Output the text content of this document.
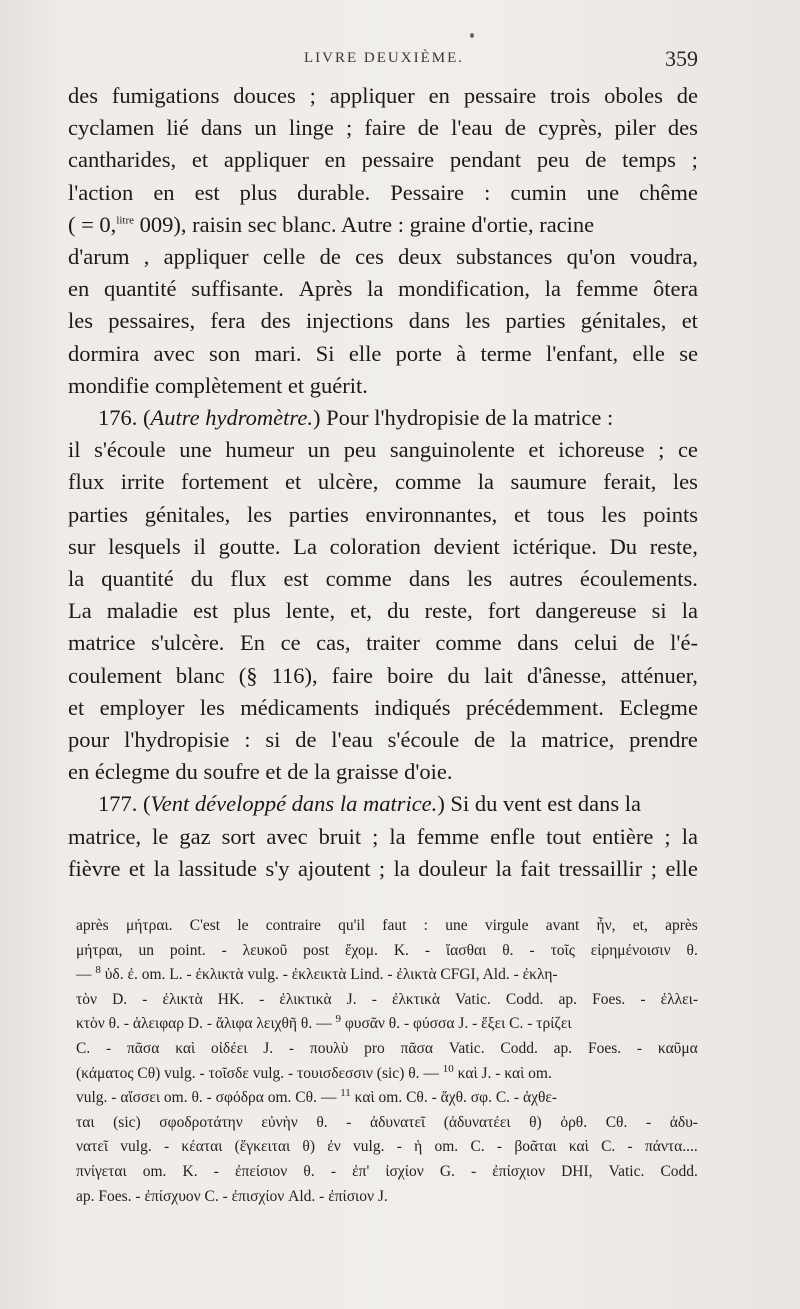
LIVRE DEUXIÈME.	359
des fumigations douces ; appliquer en pessaire trois oboles de
cyclamen lié dans un linge ; faire de l'eau de cyprès, piler des
cantharides, et appliquer en pessaire pendant peu de temps ;
l'action en est plus durable. Pessaire : cumin une chême
( = 0,$^{litre}$ 009), raisin sec blanc. Autre : graine d'ortie, racine
d'arum , appliquer celle de ces deux substances qu'on voudra,
en quantité suffisante. Après la mondification, la femme ôtera
les pessaires, fera des injections dans les parties génitales, et
dormira avec son mari. Si elle porte à terme l'enfant, elle se
mondifie complètement et guérit.
176. (Autre hydromètre.) Pour l'hydropisie de la matrice :
il s'écoule une humeur un peu sanguinolente et ichoreuse ; ce
flux irrite fortement et ulcère, comme la saumure ferait, les
parties génitales, les parties environnantes, et tous les points
sur lesquels il goutte. La coloration devient ictérique. Du reste,
la quantité du flux est comme dans les autres écoulements.
La maladie est plus lente, et, du reste, fort dangereuse si la
matrice s'ulcère. En ce cas, traiter comme dans celui de l'é-
coulement blanc (§ 116), faire boire du lait d'ânesse, atténuer,
et employer les médicaments indiqués précédemment. Eclegme
pour l'hydropisie : si de l'eau s'écoule de la matrice, prendre
en éclegme du soufre et de la graisse d'oie.
177. (Vent développé dans la matrice.) Si du vent est dans la
matrice, le gaz sort avec bruit ; la femme enfle tout entière ; la
fièvre et la lassitude s'y ajoutent ; la douleur la fait tressaillir ; elle
après μήτραι. C'est le contraire qu'il faut : une virgule avant ἦν, et, après
μήτραι, un point. - λευκοῦ post ἔχομ. K. - ἴασθαι θ. - τοῖς εἰρημένοισιν θ.
— $^8$ ὑδ. ἐ. om. L. - ἐκλικτὰ vulg. - ἐκλεικτὰ Lind. - ἐλικτὰ CFGI, Ald. - ἐκλη-
τὸν D. - ἐλικτὰ HK. - ἐλικτικὰ J. - ἐλκτικὰ Vatic. Codd. ap. Foes. - ἐλλει-
κτὸν θ. - ἀλειφαρ D. - ἄλιφα λειχθῆ θ. — $^9$ φυσᾶν θ. - φύσσα J. - ἔξει C. - τρίζει
C. - πᾶσα καὶ οἰδέει J. - πουλὺ pro πᾶσα Vatic. Codd. ap. Foes. - καῦμα
(κάματος Cθ) vulg. - τοῖσδε vulg. - τουισδεσσιν (sic) θ. — $^{10}$ καὶ J. - καὶ om.
vulg. - αἴσσει om. θ. - σφόδρα om. Cθ. — $^{11}$ καὶ om. Cθ. - ἄχθ. σφ. C. - ἀχθε-
ται (sic) σφοδροτάτην εὐνὴν θ. - ἀδυνατεῖ (ἀδυνατέει θ) ὀρθ. Cθ. - ἀδυ-
νατεῖ vulg. - κέαται (ἔγκειται θ) ἐν vulg. - ἡ om. C. - βοᾶται καὶ C. - πάντα....
πνίγεται om. K. - ἐπείσιον θ. - ἐπ' ἰσχίον G. - ἐπίσχιον DHI, Vatic. Codd.
ap. Foes. - ἐπίσχυον C. - ἐπισχίον Ald. - ἐπίσιον J.
